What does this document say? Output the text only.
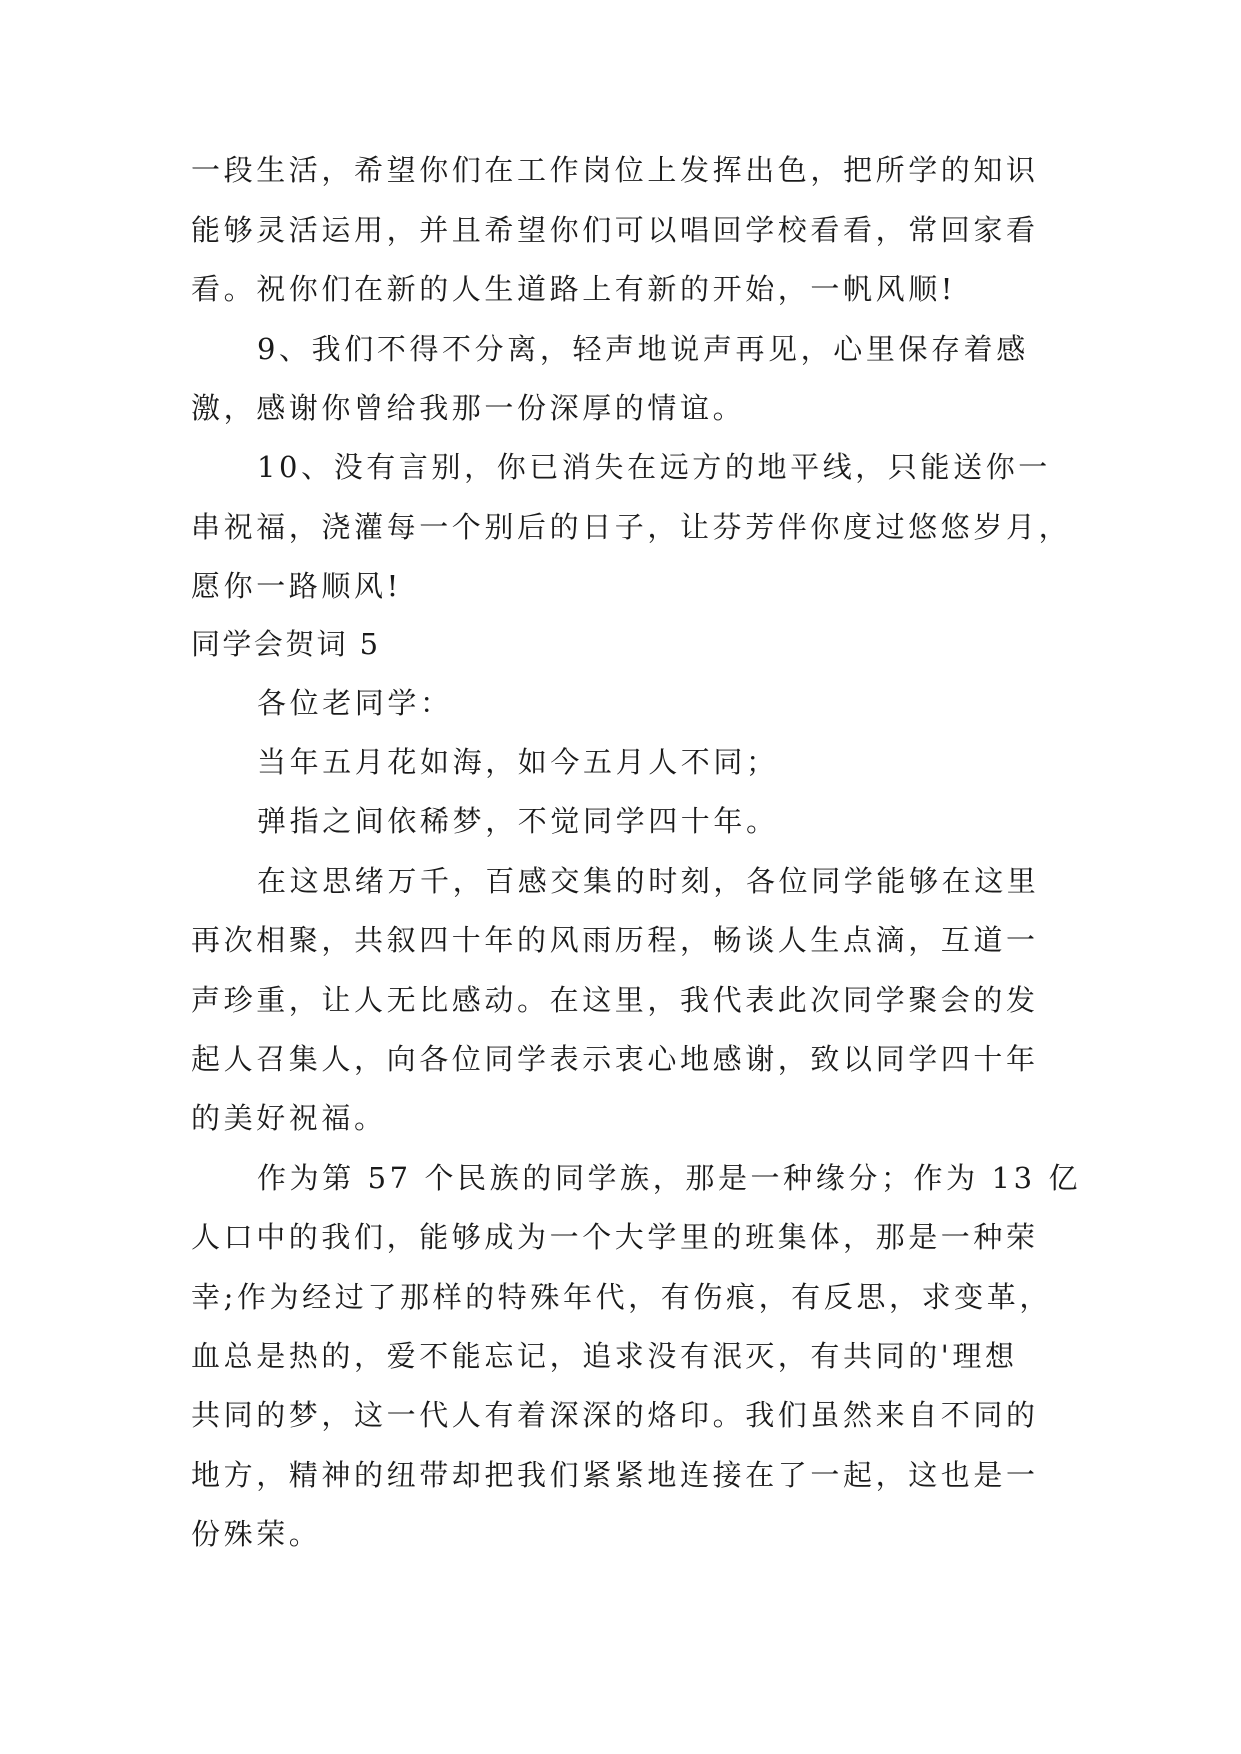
一段生活，希望你们在工作岗位上发挥出色，把所学的知识
能够灵活运用，并且希望你们可以唱回学校看看，常回家看
看。祝你们在新的人生道路上有新的开始，一帆风顺!
9、我们不得不分离，轻声地说声再见，心里保存着感
激，感谢你曾给我那一份深厚的情谊。
10、没有言别，你已消失在远方的地平线，只能送你一
串祝福，浇灌每一个别后的日子，让芬芳伴你度过悠悠岁月，
愿你一路顺风!
同学会贺词 5
各位老同学：
当年五月花如海，如今五月人不同；
弹指之间依稀梦，不觉同学四十年。
在这思绪万千，百感交集的时刻，各位同学能够在这里
再次相聚，共叙四十年的风雨历程，畅谈人生点滴，互道一
声珍重，让人无比感动。在这里，我代表此次同学聚会的发
起人召集人，向各位同学表示衷心地感谢，致以同学四十年
的美好祝福。
作为第 57 个民族的同学族，那是一种缘分；作为 13 亿
人口中的我们，能够成为一个大学里的班集体，那是一种荣
幸;作为经过了那样的特殊年代，有伤痕，有反思，求变革，
血总是热的，爱不能忘记，追求没有泯灭，有共同的'理想
共同的梦，这一代人有着深深的烙印。我们虽然来自不同的
地方，精神的纽带却把我们紧紧地连接在了一起，这也是一
份殊荣。
